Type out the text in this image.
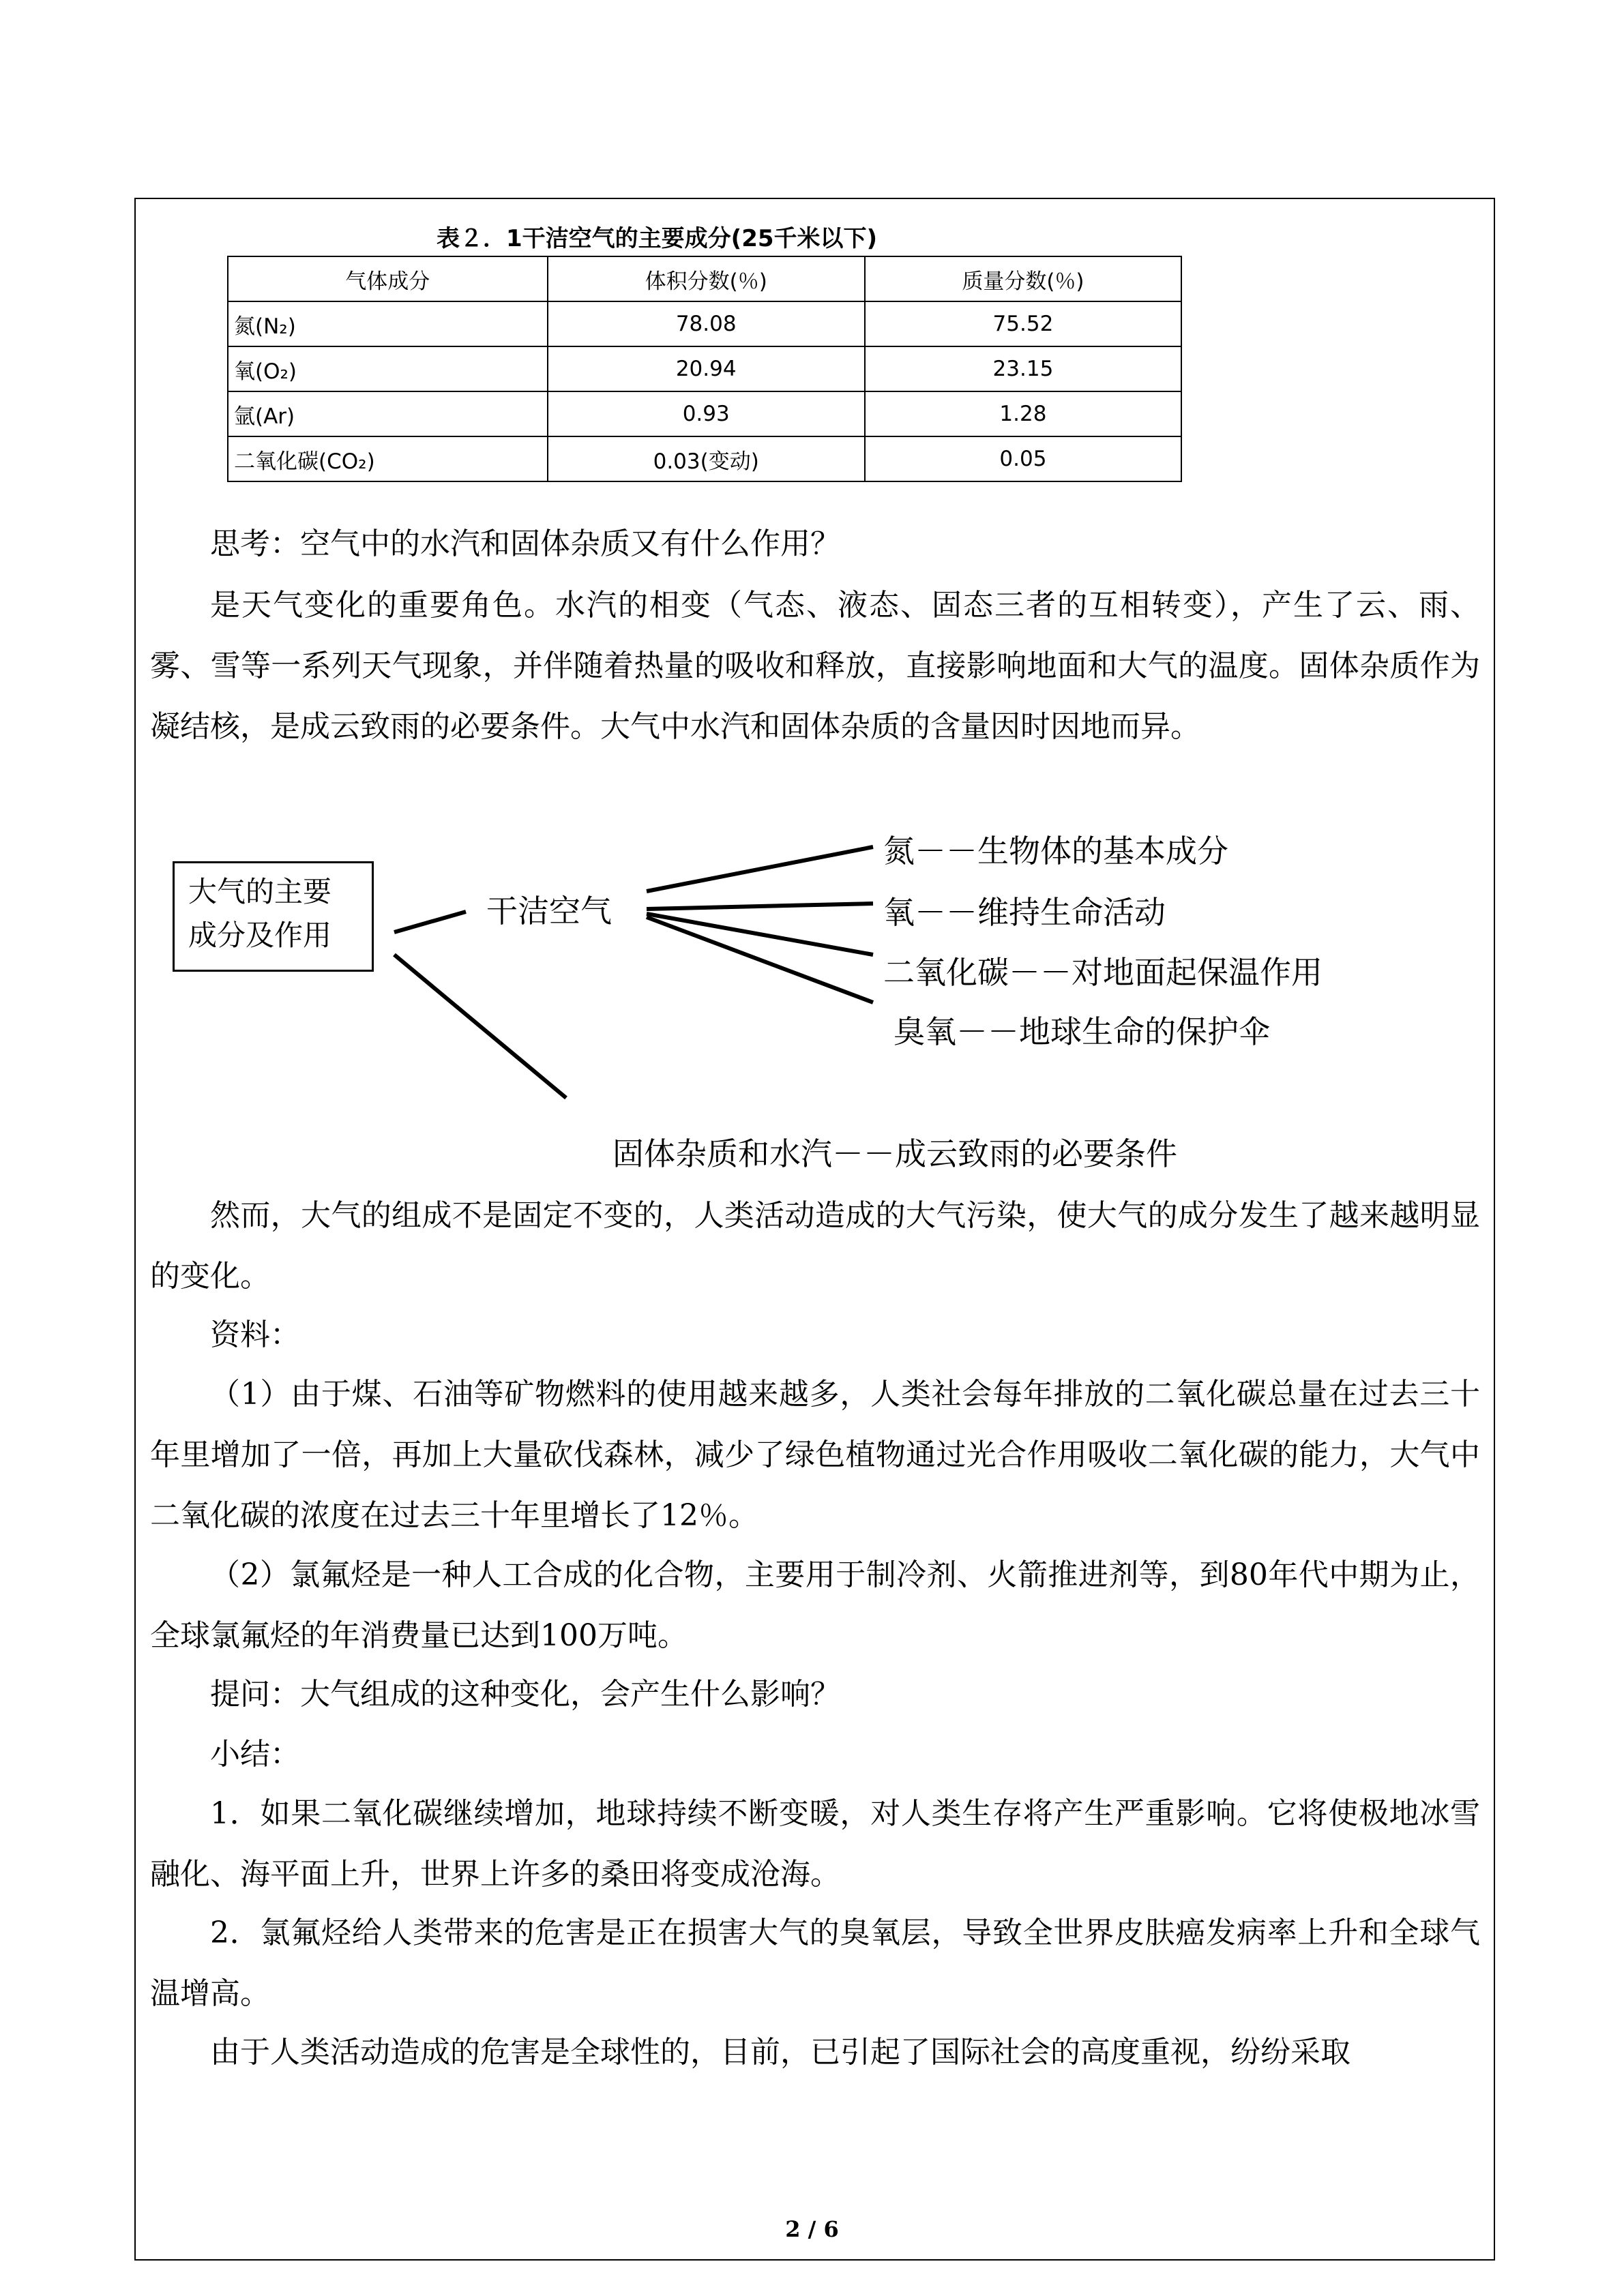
表２．1干洁空气的主要成分(25千米以下)
气体成分	体积分数(％)	质量分数(％)
氮(N₂)	78.08	75.52
氧(O₂)	20.94	23.15
氩(Ar)	0.93	1.28
二氧化碳(CO₂)	0.03(变动)	0.05

思考：空气中的水汽和固体杂质又有什么作用？

是天气变化的重要角色。水汽的相变（气态、液态、固态三者的互相转变），产生了云、雨、雾、雪等一系列天气现象，并伴随着热量的吸收和释放，直接影响地面和大气的温度。固体杂质作为凝结核，是成云致雨的必要条件。大气中水汽和固体杂质的含量因时因地而异。

大气的主要成分及作用
干洁空气
氮－－生物体的基本成分
氧－－维持生命活动
二氧化碳－－对地面起保温作用
臭氧－－地球生命的保护伞
固体杂质和水汽－－成云致雨的必要条件

然而，大气的组成不是固定不变的，人类活动造成的大气污染，使大气的成分发生了越来越明显的变化。

资料：

（1）由于煤、石油等矿物燃料的使用越来越多，人类社会每年排放的二氧化碳总量在过去三十年里增加了一倍，再加上大量砍伐森林，减少了绿色植物通过光合作用吸收二氧化碳的能力，大气中二氧化碳的浓度在过去三十年里增长了12％。

（2）氯氟烃是一种人工合成的化合物，主要用于制冷剂、火箭推进剂等，到80年代中期为止，全球氯氟烃的年消费量已达到100万吨。

提问：大气组成的这种变化，会产生什么影响？

小结：

1．如果二氧化碳继续增加，地球持续不断变暖，对人类生存将产生严重影响。它将使极地冰雪融化、海平面上升，世界上许多的桑田将变成沧海。

2．氯氟烃给人类带来的危害是正在损害大气的臭氧层，导致全世界皮肤癌发病率上升和全球气温增高。

由于人类活动造成的危害是全球性的，目前，已引起了国际社会的高度重视，纷纷采取

2 / 6
